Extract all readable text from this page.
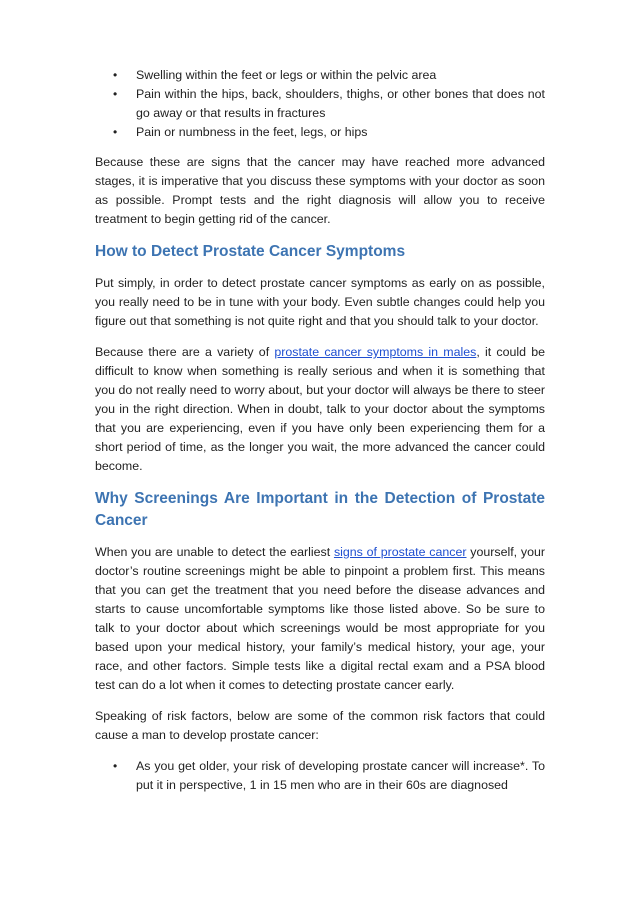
• Swelling within the feet or legs or within the pelvic area
• Pain within the hips, back, shoulders, thighs, or other bones that does not go away or that results in fractures
• Pain or numbness in the feet, legs, or hips

Because these are signs that the cancer may have reached more advanced stages, it is imperative that you discuss these symptoms with your doctor as soon as possible. Prompt tests and the right diagnosis will allow you to receive treatment to begin getting rid of the cancer.

How to Detect Prostate Cancer Symptoms

Put simply, in order to detect prostate cancer symptoms as early on as possible, you really need to be in tune with your body. Even subtle changes could help you figure out that something is not quite right and that you should talk to your doctor.

Because there are a variety of prostate cancer symptoms in males, it could be difficult to know when something is really serious and when it is something that you do not really need to worry about, but your doctor will always be there to steer you in the right direction. When in doubt, talk to your doctor about the symptoms that you are experiencing, even if you have only been experiencing them for a short period of time, as the longer you wait, the more advanced the cancer could become.

Why Screenings Are Important in the Detection of Prostate Cancer

When you are unable to detect the earliest signs of prostate cancer yourself, your doctor’s routine screenings might be able to pinpoint a problem first. This means that you can get the treatment that you need before the disease advances and starts to cause uncomfortable symptoms like those listed above. So be sure to talk to your doctor about which screenings would be most appropriate for you based upon your medical history, your family’s medical history, your age, your race, and other factors. Simple tests like a digital rectal exam and a PSA blood test can do a lot when it comes to detecting prostate cancer early.

Speaking of risk factors, below are some of the common risk factors that could cause a man to develop prostate cancer:

• As you get older, your risk of developing prostate cancer will increase*. To put it in perspective, 1 in 15 men who are in their 60s are diagnosed
